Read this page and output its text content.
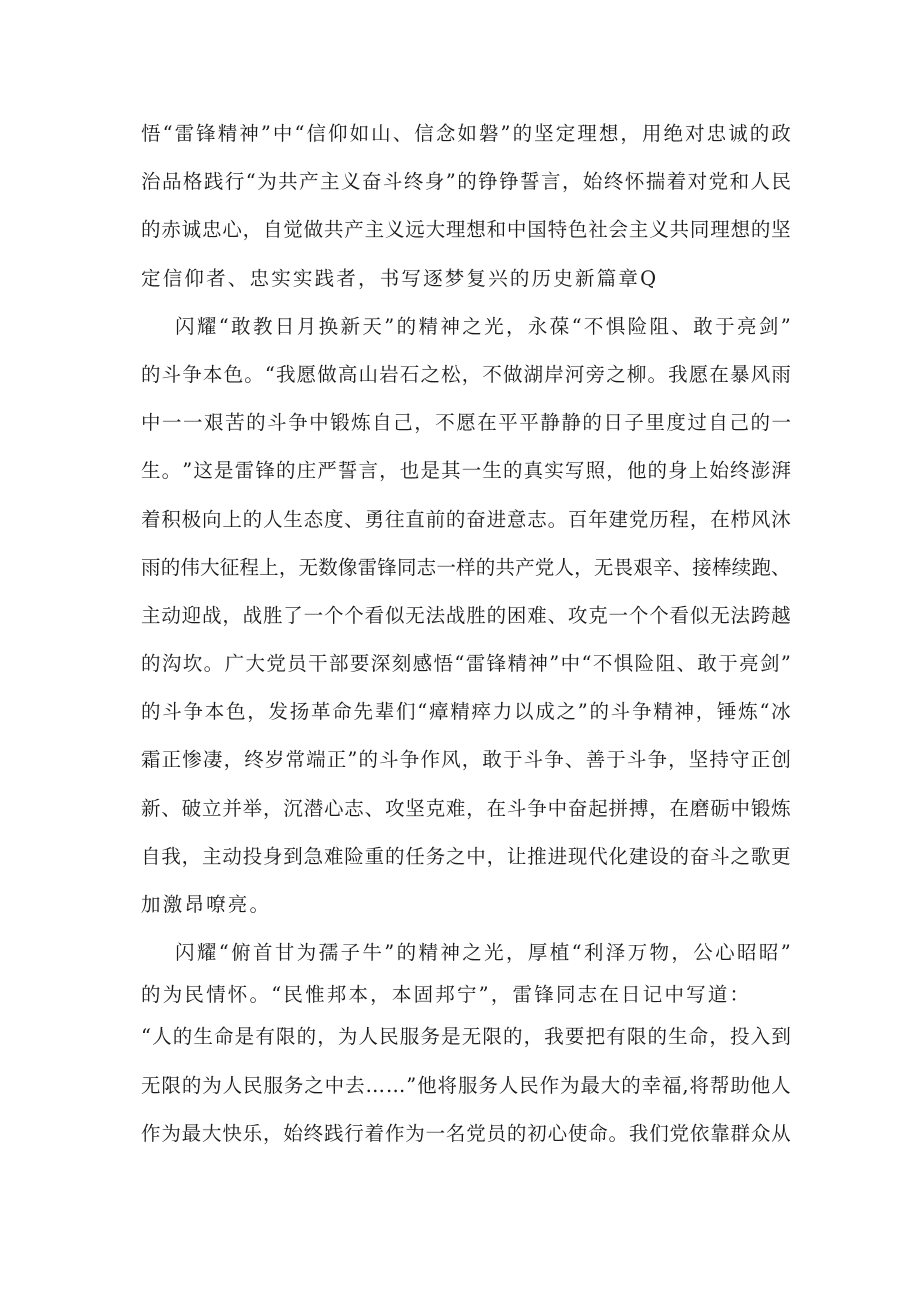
悟 “ 雷 锋 精 神 ” 中 “ 信 仰 如 山 、 信 念 如 磐 ” 的 坚 定 理 想 ， 用 绝 对 忠 诚 的 政
治 品 格 践 行 “ 为 共 产 主 义 奋 斗 终 身 ” 的 铮 铮 誓 言 ， 始 终 怀 揣 着 对 党 和 人 民
的 赤 诚 忠 心 ， 自 觉 做 共 产 主 义 远 大 理 想 和 中 国 特 色 社 会 主 义 共 同 理 想 的 坚
定信仰者、忠实实践者，书写逐梦复兴的历史新篇章Q
闪 耀 “ 敢 教 日 月 换 新 天 ” 的 精 神 之 光 ， 永 葆 “ 不 惧 险 阻 、 敢 于 亮 剑 ”
的 斗 争 本 色 。 “ 我 愿 做 高 山 岩 石 之 松 ， 不 做 湖 岸 河 旁 之 柳 。 我 愿 在 暴 风 雨
中 一 一 艰 苦 的 斗 争 中 锻 炼 自 己 ， 不 愿 在 平 平 静 静 的 日 子 里 度 过 自 己 的 一
生 。 ” 这 是 雷 锋 的 庄 严 誓 言 ， 也 是 其 一 生 的 真 实 写 照 ， 他 的 身 上 始 终 澎 湃
着 积 极 向 上 的 人 生 态 度 、 勇 往 直 前 的 奋 进 意 志 。 百 年 建 党 历 程 ， 在 栉 风 沐
雨 的 伟 大 征 程 上 ， 无 数 像 雷 锋 同 志 一 样 的 共 产 党 人 ， 无 畏 艰 辛 、 接 棒 续 跑 、
主 动 迎 战 ， 战 胜 了 一 个 个 看 似 无 法 战 胜 的 困 难 、 攻 克 一 个 个 看 似 无 法 跨 越
的 沟 坎 。 广 大 党 员 干 部 要 深 刻 感 悟 “ 雷 锋 精 神 ” 中 “ 不 惧 险 阻 、 敢 于 亮 剑 ”
的 斗 争 本 色 ， 发 扬 革 命 先 辈 们 “ 瘴 精 瘁 力 以 成 之 ” 的 斗 争 精 神 ， 锤 炼 “ 冰
霜 正 惨 凄 ， 终 岁 常 端 正 ” 的 斗 争 作 风 ， 敢 于 斗 争 、 善 于 斗 争 ， 坚 持 守 正 创
新 、 破 立 并 举 ， 沉 潜 心 志 、 攻 坚 克 难 ， 在 斗 争 中 奋 起 拼 搏 ， 在 磨 砺 中 锻 炼
自 我 ， 主 动 投 身 到 急 难 险 重 的 任 务 之 中 ， 让 推 进 现 代 化 建 设 的 奋 斗 之 歌 更
加激昂嘹亮。
闪 耀 “ 俯 首 甘 为 孺 子 牛 ” 的 精 神 之 光 ， 厚 植 “ 利 泽 万 物 ， 公 心 昭 昭 ”
的为民情怀。“民惟邦本，本固邦宁”，雷锋同志在日记中写道：
“ 人 的 生 命 是 有 限 的 ， 为 人 民 服 务 是 无 限 的 ， 我 要 把 有 限 的 生 命 ， 投 入 到
无 限 的 为 人 民 服 务 之 中 去 … … ” 他 将 服 务 人 民 作 为 最 大 的 幸 福 , 将 帮 助 他 人
作 为 最 大 快 乐 ， 始 终 践 行 着 作 为 一 名 党 员 的 初 心 使 命 。 我 们 党 依 靠 群 众 从
